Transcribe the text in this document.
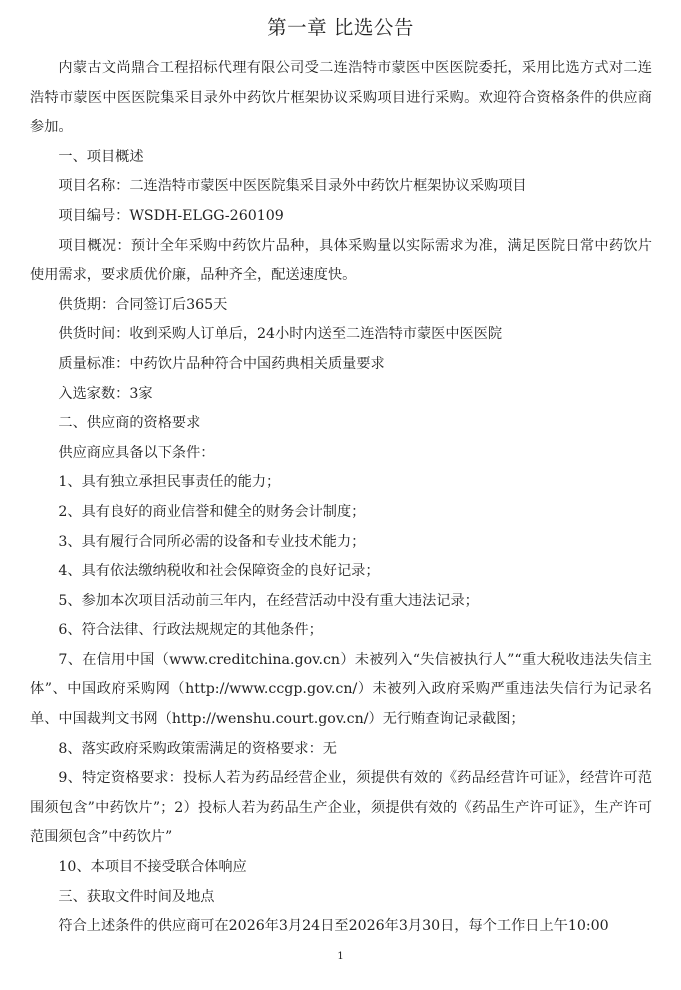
第一章 比选公告

内蒙古文尚鼎合工程招标代理有限公司受二连浩特市蒙医中医医院委托，采用比选方式对二连浩特市蒙医中医医院集采目录外中药饮片框架协议采购项目进行采购。欢迎符合资格条件的供应商参加。

一、项目概述

项目名称：二连浩特市蒙医中医医院集采目录外中药饮片框架协议采购项目

项目编号：WSDH-ELGG-260109

项目概况：预计全年采购中药饮片品种，具体采购量以实际需求为准，满足医院日常中药饮片使用需求，要求质优价廉，品种齐全，配送速度快。

供货期：合同签订后365天

供货时间：收到采购人订单后，24小时内送至二连浩特市蒙医中医医院

质量标准：中药饮片品种符合中国药典相关质量要求

入选家数：3家

二、供应商的资格要求

供应商应具备以下条件：

1、具有独立承担民事责任的能力；

2、具有良好的商业信誉和健全的财务会计制度；

3、具有履行合同所必需的设备和专业技术能力；

4、具有依法缴纳税收和社会保障资金的良好记录；

5、参加本次项目活动前三年内，在经营活动中没有重大违法记录；

6、符合法律、行政法规规定的其他条件；

7、在信用中国（www.creditchina.gov.cn）未被列入“失信被执行人”“重大税收违法失信主体”、中国政府采购网（http://www.ccgp.gov.cn/）未被列入政府采购严重违法失信行为记录名单、中国裁判文书网（http://wenshu.court.gov.cn/）无行贿查询记录截图；

8、落实政府采购政策需满足的资格要求：无

9、特定资格要求：投标人若为药品经营企业，须提供有效的《药品经营许可证》，经营许可范围须包含”中药饮片”；2）投标人若为药品生产企业，须提供有效的《药品生产许可证》，生产许可范围须包含”中药饮片”

10、本项目不接受联合体响应

三、获取文件时间及地点

符合上述条件的供应商可在2026年3月24日至2026年3月30日，每个工作日上午10:00

1
